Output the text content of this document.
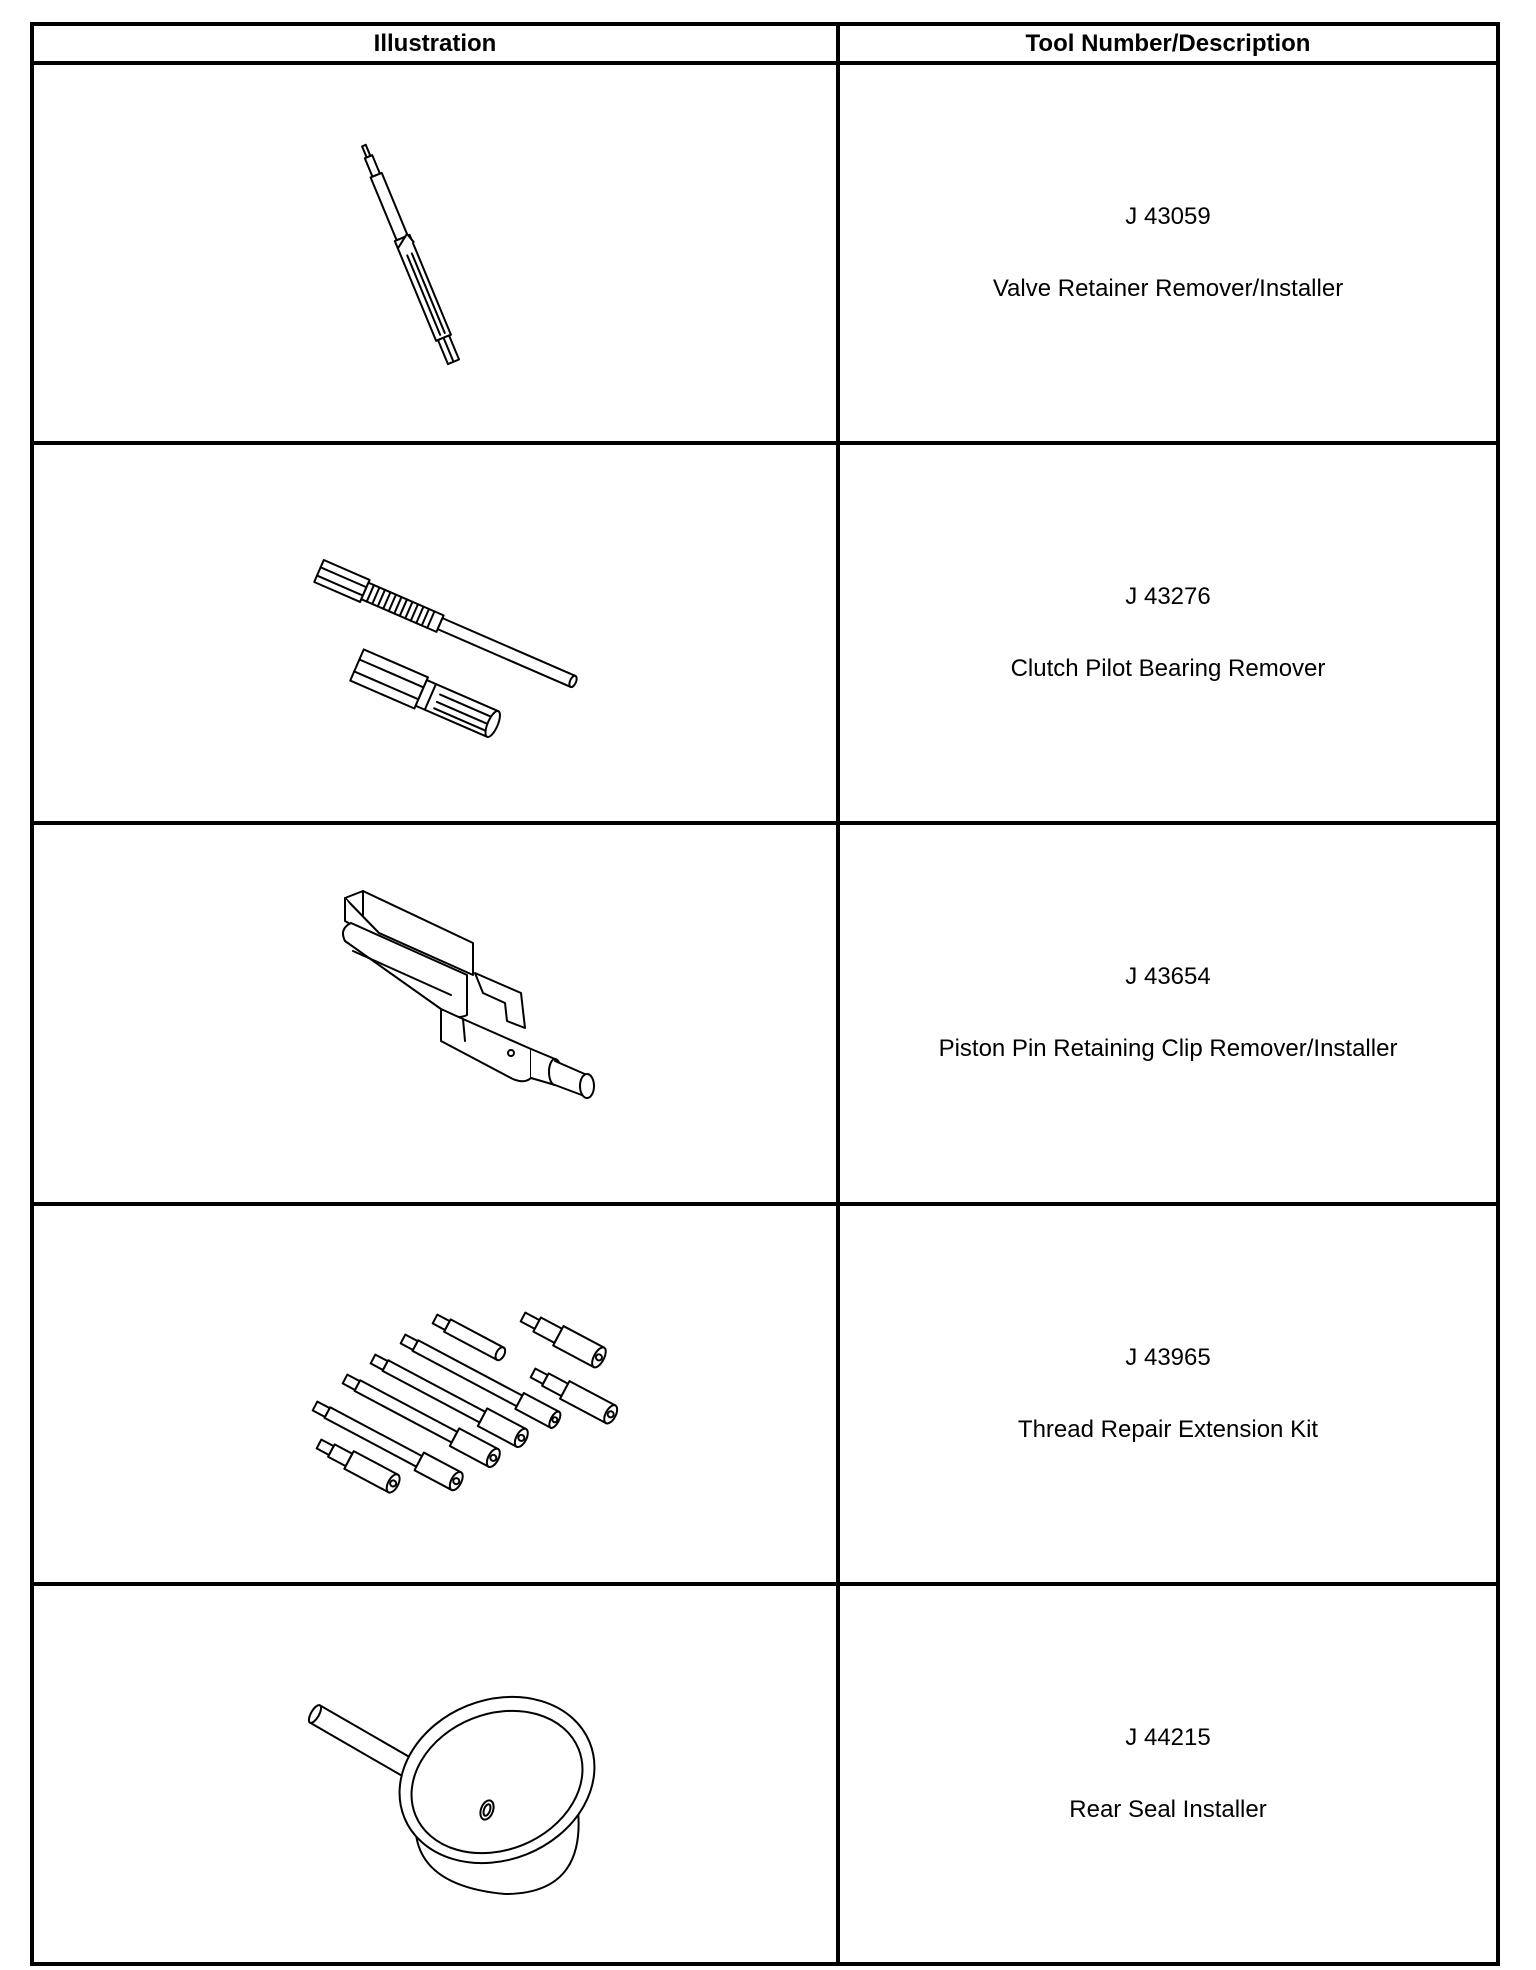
Illustration	Tool Number/Description

J 43059
Valve Retainer Remover/Installer

J 43276
Clutch Pilot Bearing Remover

J 43654
Piston Pin Retaining Clip Remover/Installer

J 43965
Thread Repair Extension Kit

J 44215
Rear Seal Installer
